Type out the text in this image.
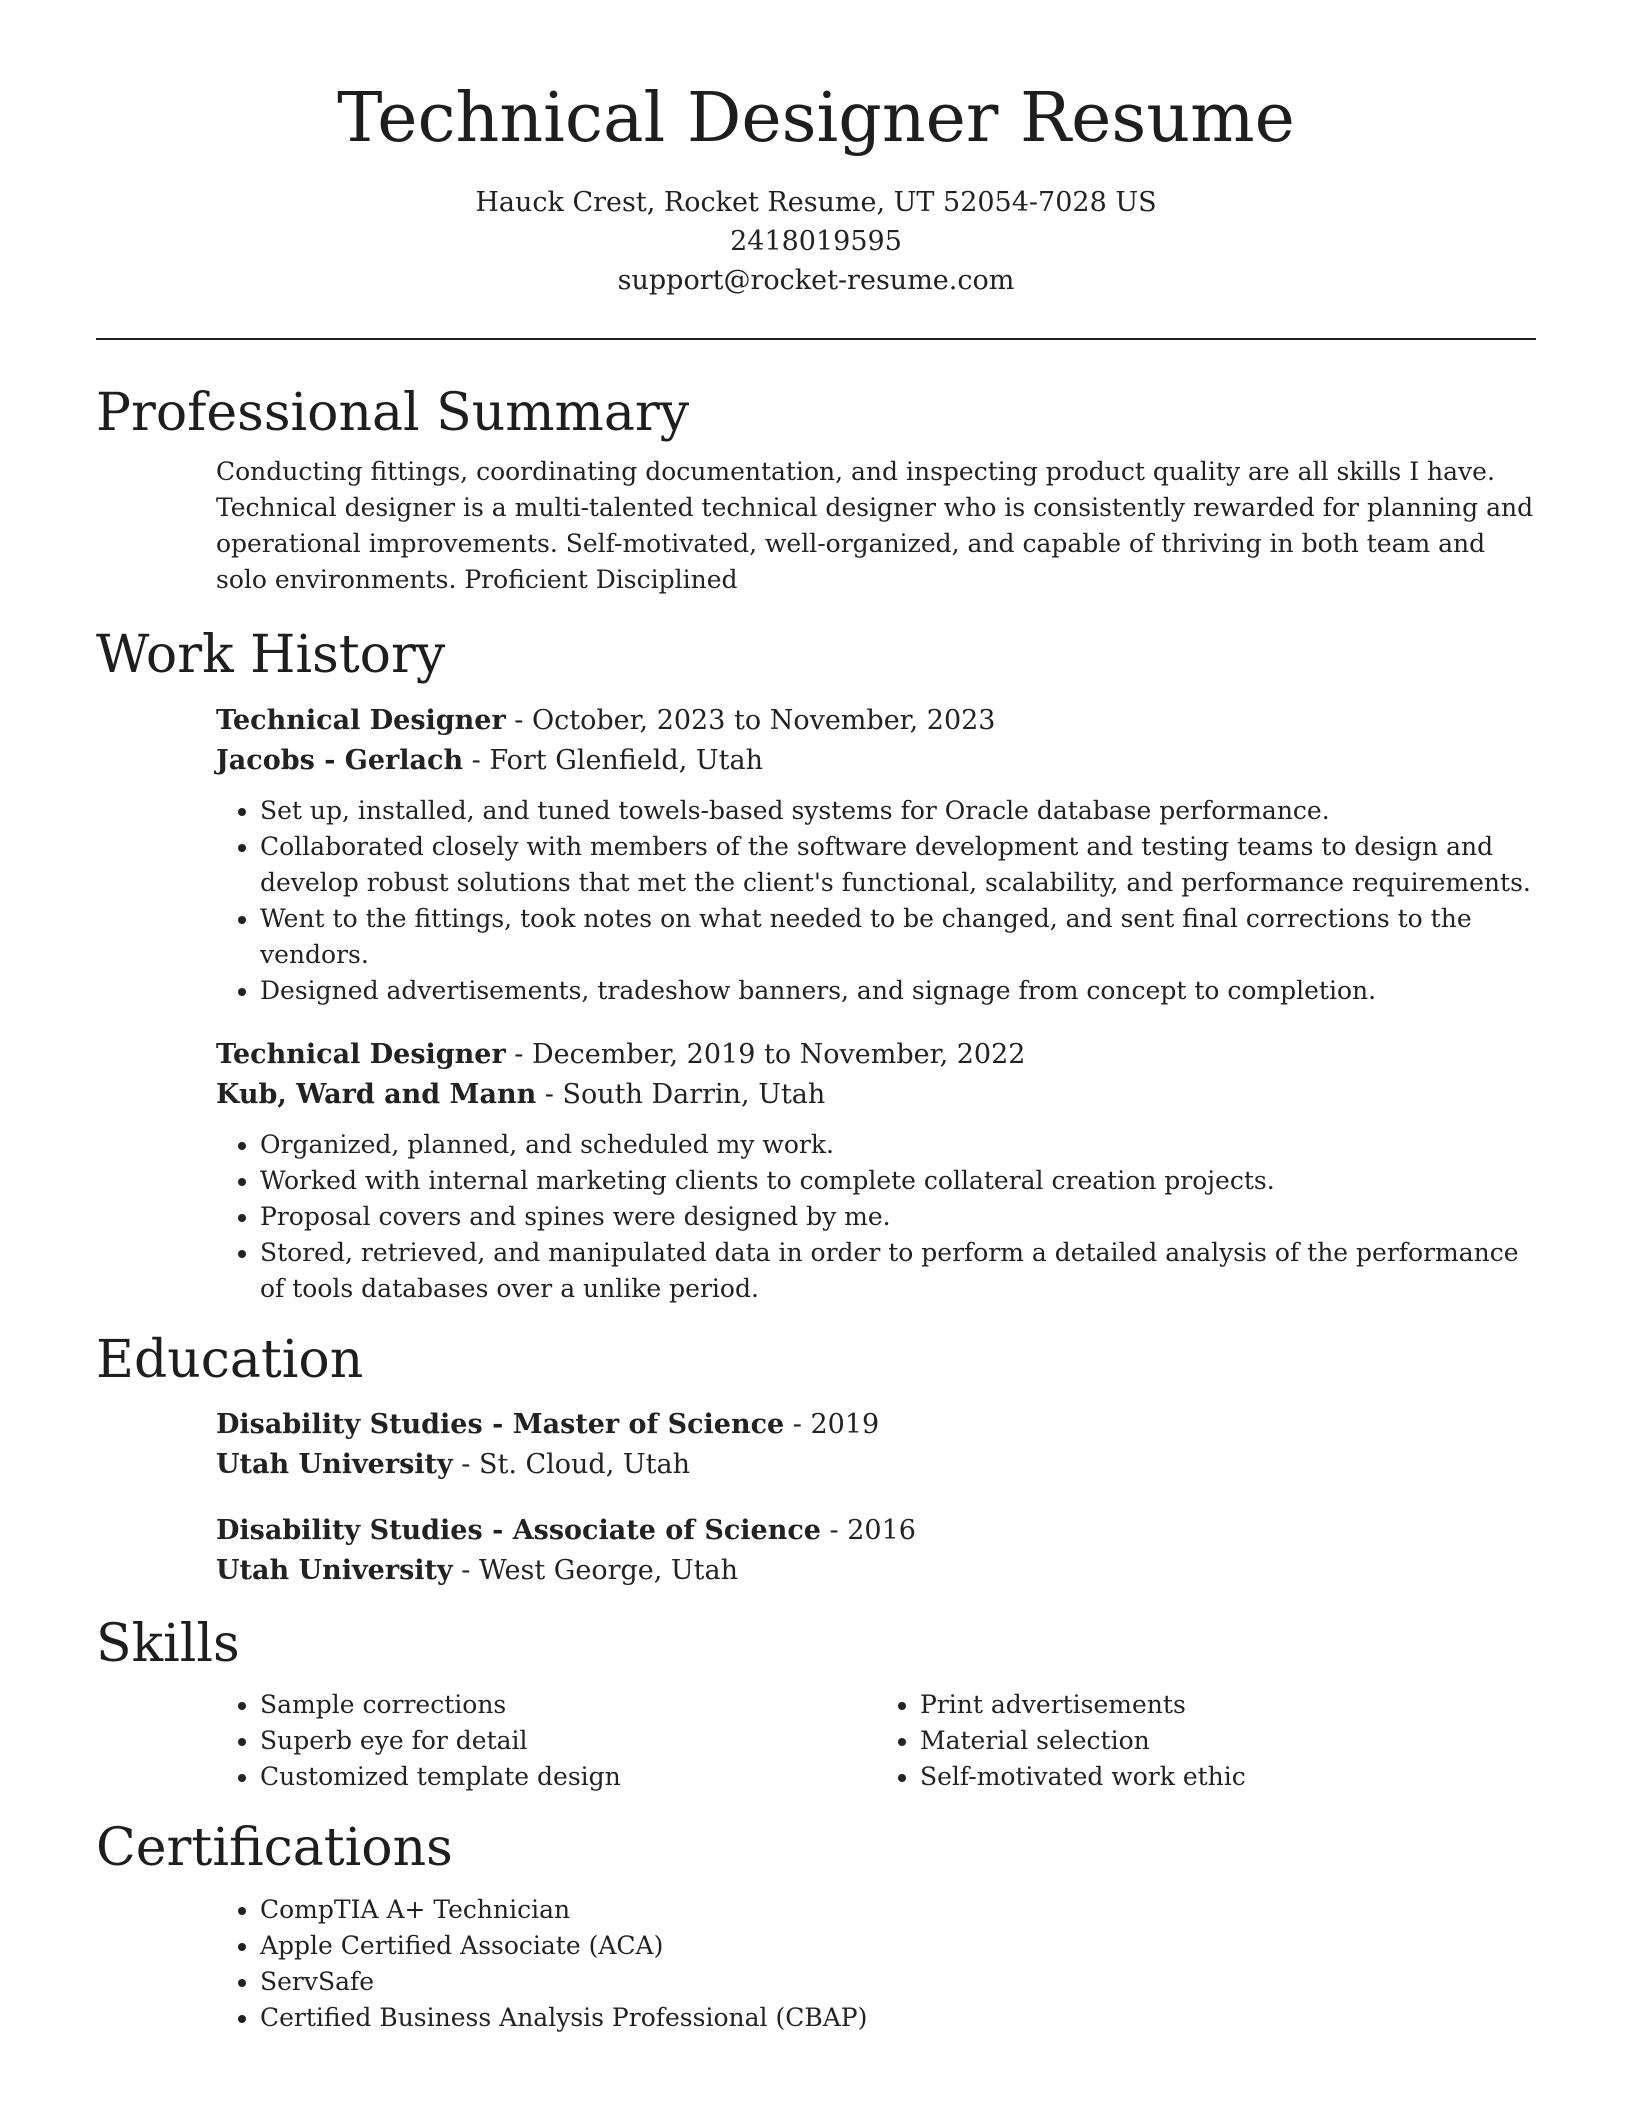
Technical Designer Resume
Hauck Crest, Rocket Resume, UT 52054-7028 US
2418019595
support@rocket-resume.com
Professional Summary

Conducting fittings, coordinating documentation, and inspecting product quality are all skills I have. Technical designer is a multi-talented technical designer who is consistently rewarded for planning and operational improvements. Self-motivated, well-organized, and capable of thriving in both team and solo environments. Proficient Disciplined

Work History
Technical Designer - October, 2023 to November, 2023
Jacobs - Gerlach - Fort Glenfield, Utah
• Set up, installed, and tuned towels-based systems for Oracle database performance.
• Collaborated closely with members of the software development and testing teams to design and develop robust solutions that met the client's functional, scalability, and performance requirements.
• Went to the fittings, took notes on what needed to be changed, and sent final corrections to the vendors.
• Designed advertisements, tradeshow banners, and signage from concept to completion.
Technical Designer - December, 2019 to November, 2022
Kub, Ward and Mann - South Darrin, Utah
• Organized, planned, and scheduled my work.
• Worked with internal marketing clients to complete collateral creation projects.
• Proposal covers and spines were designed by me.
• Stored, retrieved, and manipulated data in order to perform a detailed analysis of the performance of tools databases over a unlike period.
Education
Disability Studies - Master of Science - 2019
Utah University - St. Cloud, Utah
Disability Studies - Associate of Science - 2016
Utah University - West George, Utah
Skills
• Sample corrections
• Superb eye for detail
• Customized template design
• Print advertisements
• Material selection
• Self-motivated work ethic
Certifications
• CompTIA A+ Technician
• Apple Certified Associate (ACA)
• ServSafe
• Certified Business Analysis Professional (CBAP)
